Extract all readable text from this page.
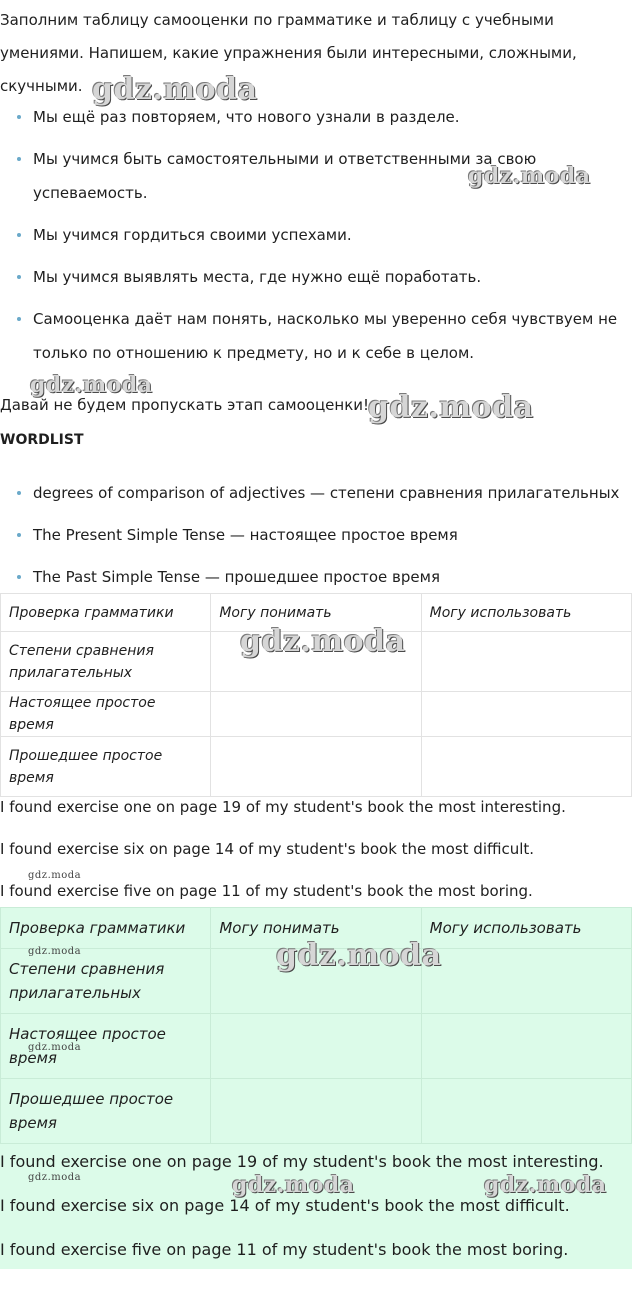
Заполним таблицу самооценки по грамматике и таблицу с учебными умениями. Напишем, какие упражнения были интересными, сложными, скучными.

Мы ещё раз повторяем, что нового узнали в разделе.
Мы учимся быть самостоятельными и ответственными за свою успеваемость.
Мы учимся гордиться своими успехами.
Мы учимся выявлять места, где нужно ещё поработать.
Самооценка даёт нам понять, насколько мы уверенно себя чувствуем не только по отношению к предмету, но и к себе в целом.

Давай не будем пропускать этап самооценки!

WORDLIST

degrees of comparison of adjectives — степени сравнения прилагательных
The Present Simple Tense — настоящее простое время
The Past Simple Tense — прошедшее простое время
Проверка грамматики	Могу понимать	Могу использовать
Степени сравнения прилагательных		
Настоящее простое время		
Прошедшее простое время		

I found exercise one on page 19 of my student's book the most interesting.

I found exercise six on page 14 of my student's book the most difficult.

I found exercise five on page 11 of my student's book the most boring.

Проверка грамматики	Могу понимать	Могу использовать
Степени сравнения прилагательных		
Настоящее простое время		
Прошедшее простое время		

I found exercise one on page 19 of my student's book the most interesting.

I found exercise six on page 14 of my student's book the most difficult.

I found exercise five on page 11 of my student's book the most boring.

gdz.moda
gdz.moda
gdz.moda
gdz.moda
gdz.moda
gdz.moda
gdz.moda	gdz.moda
gdz.moda
gdz.moda	gdz.moda	gdz.moda
